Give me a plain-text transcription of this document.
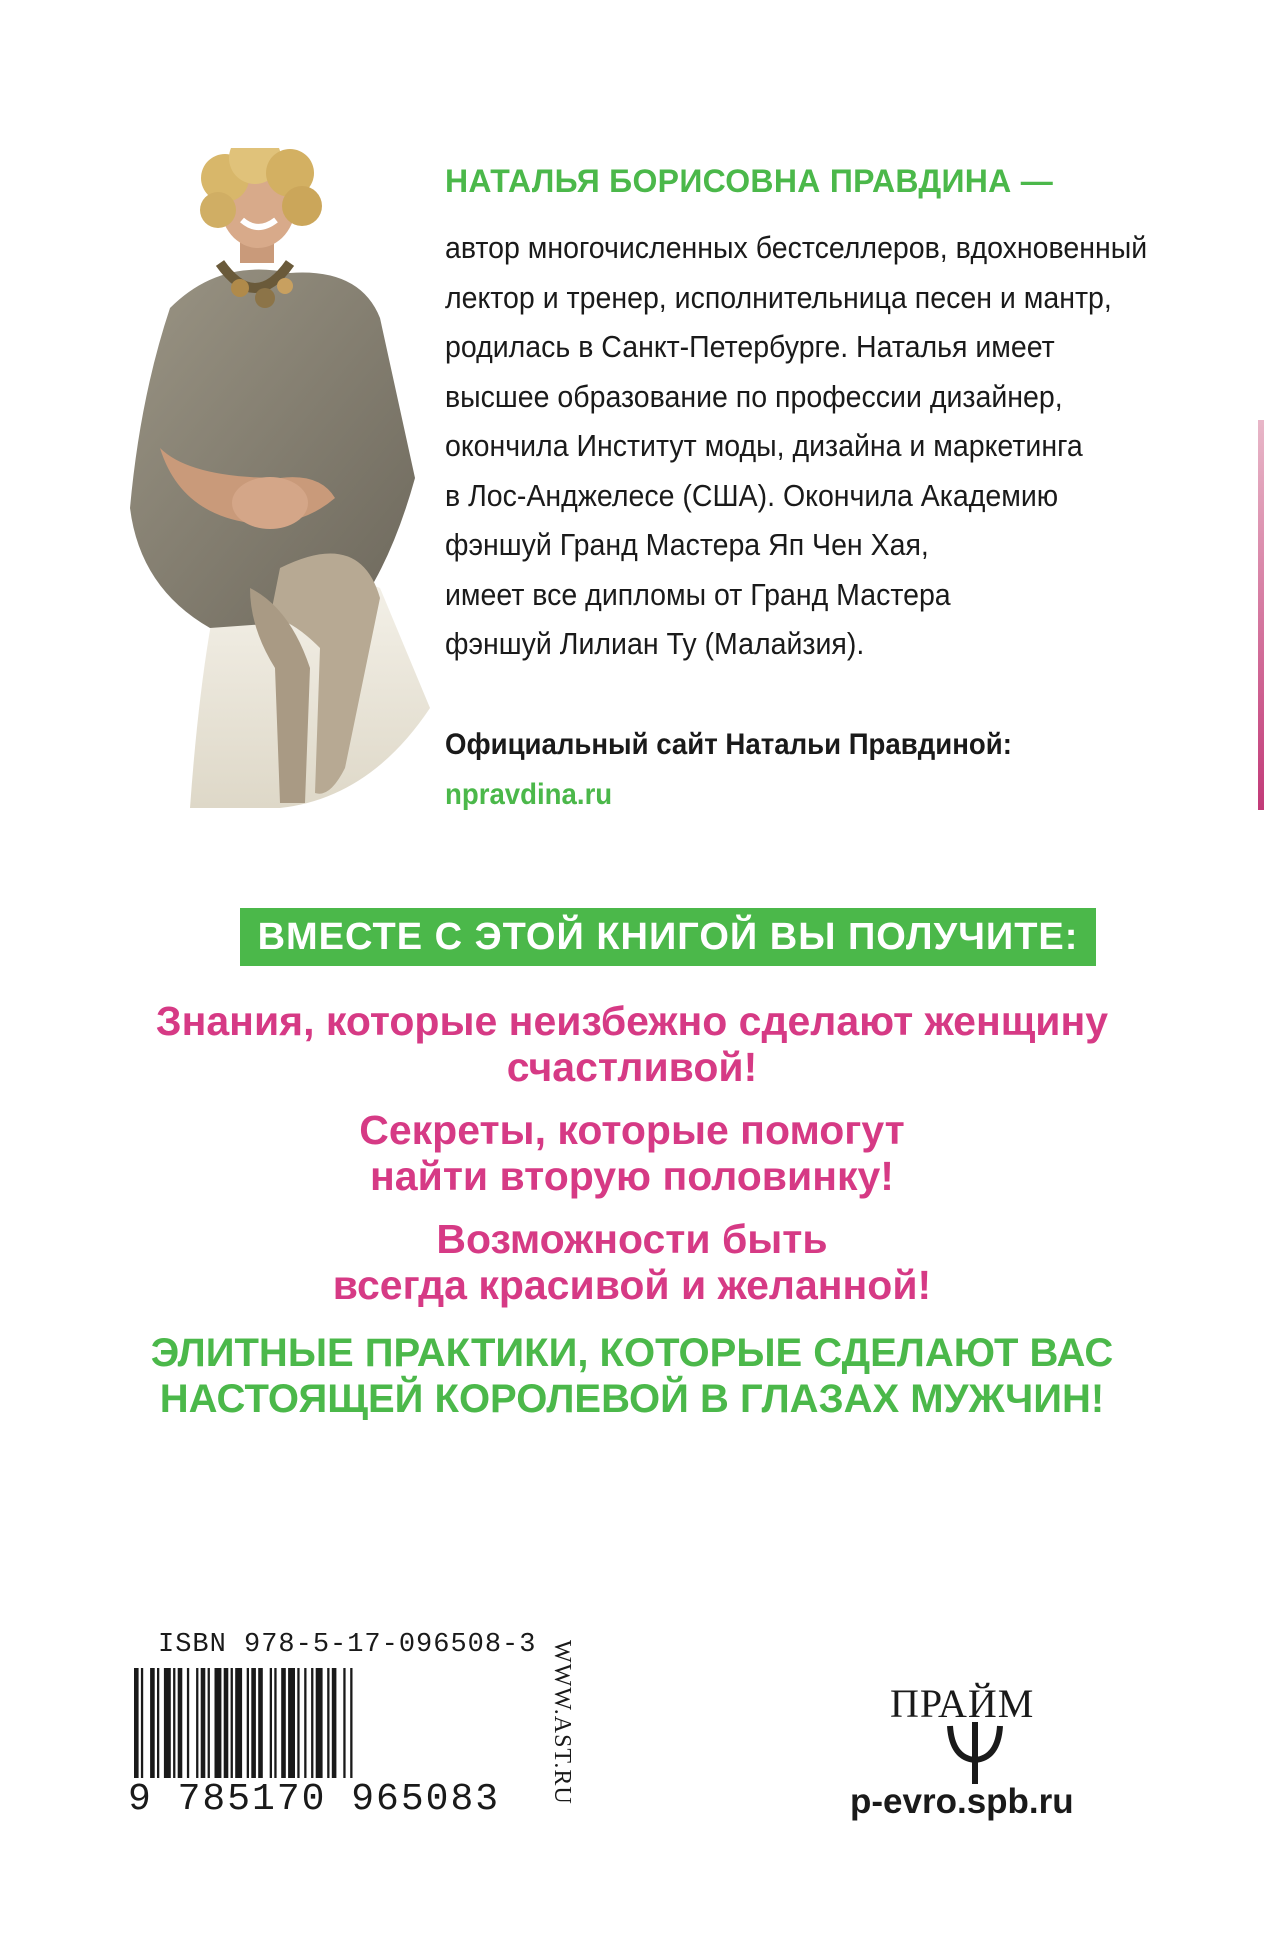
НАТАЛЬЯ БОРИСОВНА ПРАВДИНА —
автор многочисленных бестселлеров, вдохновенный
лектор и тренер, исполнительница песен и мантр,
родилась в Санкт-Петербурге. Наталья имеет
высшее образование по профессии дизайнер,
окончила Институт моды, дизайна и маркетинга
в Лос-Анджелесе (США). Окончила Академию
фэншуй Гранд Мастера Яп Чен Хая,
имеет все дипломы от Гранд Мастера
фэншуй Лилиан Ту (Малайзия).
Официальный сайт Натальи Правдиной:
npravdina.ru
ВМЕСТЕ С ЭТОЙ КНИГОЙ ВЫ ПОЛУЧИТЕ:
Знания, которые неизбежно сделают женщину
счастливой!
Секреты, которые помогут
найти вторую половинку!
Возможности быть
всегда красивой и желанной!
ЭЛИТНЫЕ ПРАКТИКИ, КОТОРЫЕ СДЕЛАЮТ ВАС
НАСТОЯЩЕЙ КОРОЛЕВОЙ В ГЛАЗАХ МУЖЧИН!
ISBN 978-5-17-096508-3
9 785170 965083 WWW.AST.RU	ПРАЙМ
p-evro.spb.ru
